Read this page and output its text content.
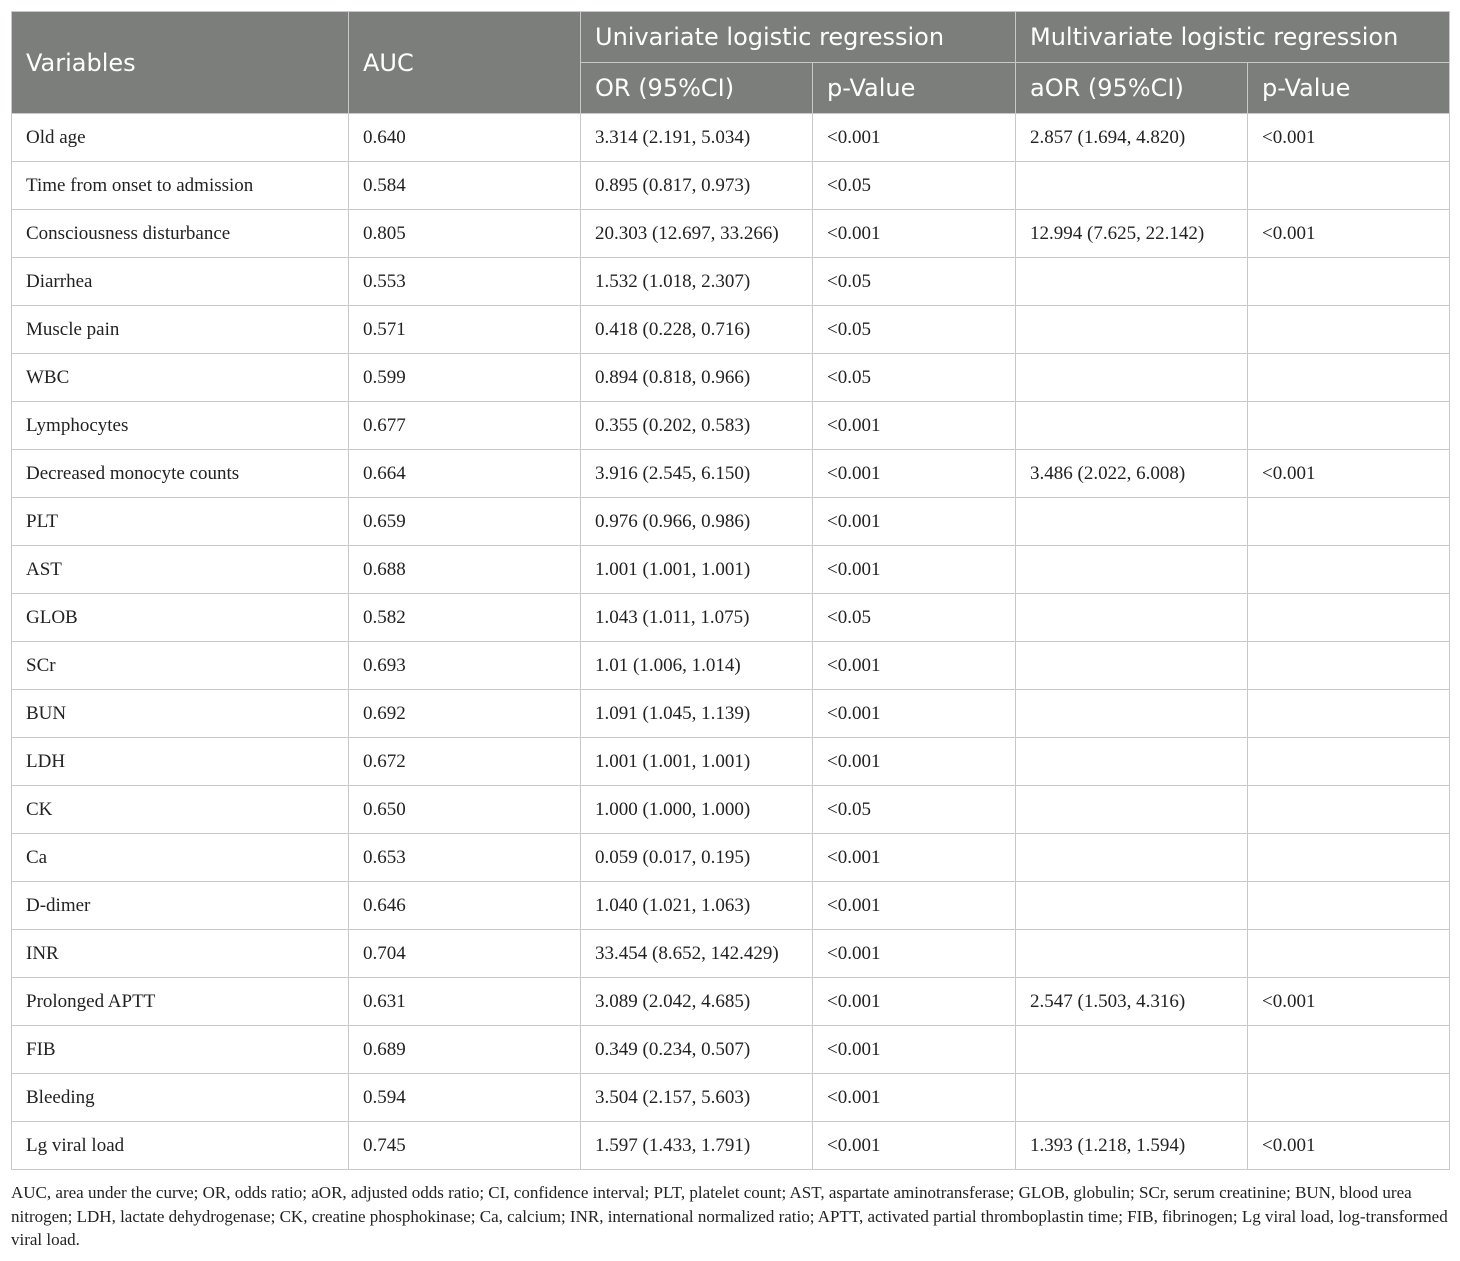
Variables	AUC	Univariate logistic regression		Multivariate logistic regression	
		OR (95%CI)	p-Value	aOR (95%CI)	p-Value
Old age	0.640	3.314 (2.191, 5.034)	<0.001	2.857 (1.694, 4.820)	<0.001
Time from onset to admission	0.584	0.895 (0.817, 0.973)	<0.05		
Consciousness disturbance	0.805	20.303 (12.697, 33.266)	<0.001	12.994 (7.625, 22.142)	<0.001
Diarrhea	0.553	1.532 (1.018, 2.307)	<0.05		
Muscle pain	0.571	0.418 (0.228, 0.716)	<0.05		
WBC	0.599	0.894 (0.818, 0.966)	<0.05		
Lymphocytes	0.677	0.355 (0.202, 0.583)	<0.001		
Decreased monocyte counts	0.664	3.916 (2.545, 6.150)	<0.001	3.486 (2.022, 6.008)	<0.001
PLT	0.659	0.976 (0.966, 0.986)	<0.001		
AST	0.688	1.001 (1.001, 1.001)	<0.001		
GLOB	0.582	1.043 (1.011, 1.075)	<0.05		
SCr	0.693	1.01 (1.006, 1.014)	<0.001		
BUN	0.692	1.091 (1.045, 1.139)	<0.001		
LDH	0.672	1.001 (1.001, 1.001)	<0.001		
CK	0.650	1.000 (1.000, 1.000)	<0.05		
Ca	0.653	0.059 (0.017, 0.195)	<0.001		
D-dimer	0.646	1.040 (1.021, 1.063)	<0.001		
INR	0.704	33.454 (8.652, 142.429)	<0.001		
Prolonged APTT	0.631	3.089 (2.042, 4.685)	<0.001	2.547 (1.503, 4.316)	<0.001
FIB	0.689	0.349 (0.234, 0.507)	<0.001		
Bleeding	0.594	3.504 (2.157, 5.603)	<0.001		
Lg viral load	0.745	1.597 (1.433, 1.791)	<0.001	1.393 (1.218, 1.594)	<0.001
AUC, area under the curve; OR, odds ratio; aOR, adjusted odds ratio; CI, confidence interval; PLT, platelet count; AST, aspartate aminotransferase; GLOB, globulin; SCr, serum creatinine; BUN, blood urea nitrogen; LDH, lactate dehydrogenase; CK, creatine phosphokinase; Ca, calcium; INR, international normalized ratio; APTT, activated partial thromboplastin time; FIB, fibrinogen; Lg viral load, log-transformed viral load.
